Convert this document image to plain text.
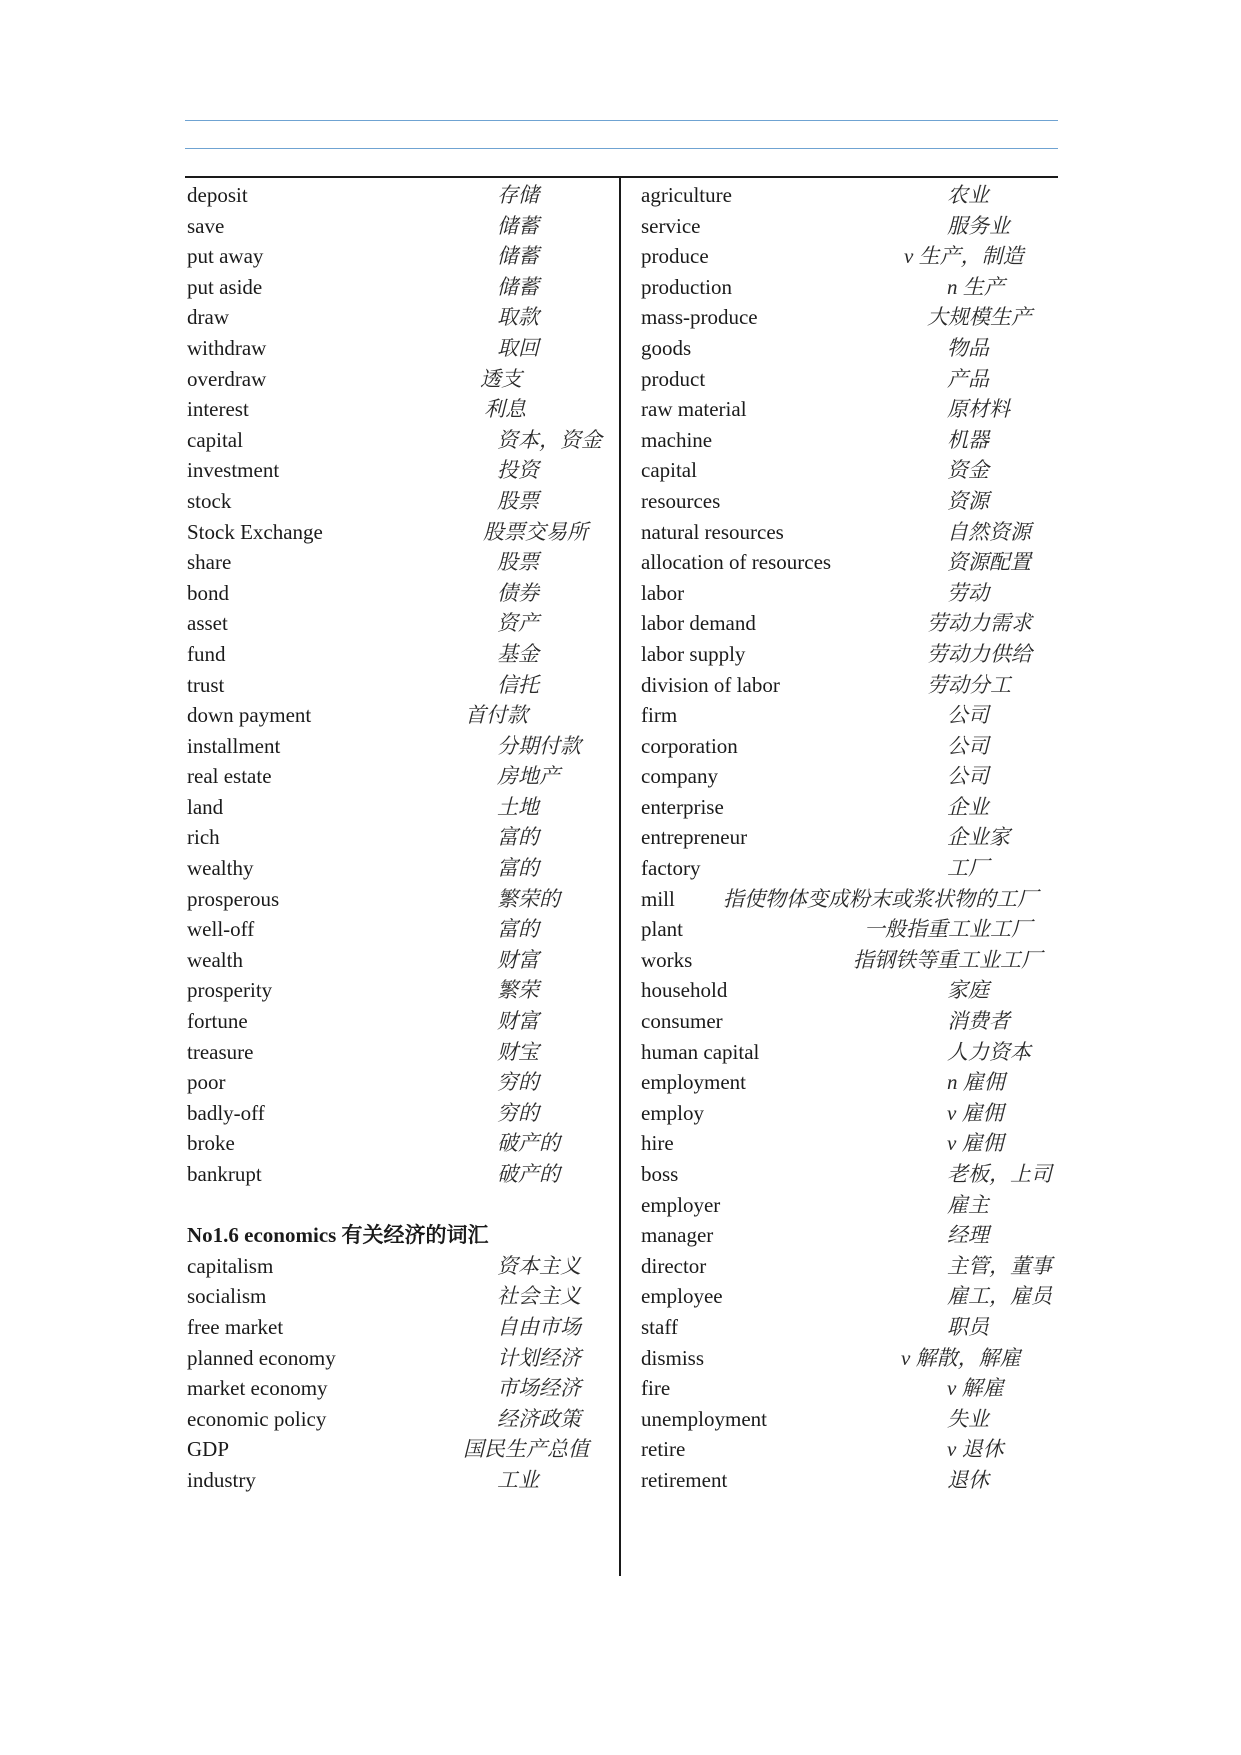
deposit	存储
save	储蓄
put away	储蓄
put aside	储蓄
draw	取款
withdraw	取回
overdraw	透支
interest	利息
capital	资本，资金
investment	投资
stock	股票
Stock Exchange	股票交易所
share	股票
bond	债券
asset	资产
fund	基金
trust	信托
down payment	首付款
installment	分期付款
real estate	房地产
land	土地
rich	富的
wealthy	富的
prosperous	繁荣的
well-off	富的
wealth	财富
prosperity	繁荣
fortune	财富
treasure	财宝
poor	穷的
badly-off	穷的
broke	破产的
bankrupt	破产的
No1.6 economics 有关经济的词汇
capitalism	资本主义
socialism	社会主义
free market	自由市场
planned economy	计划经济
market economy	市场经济
economic policy	经济政策
GDP	国民生产总值
industry	工业
agriculture	农业
service	服务业
produce	v 生产，制造
production	n 生产
mass-produce	大规模生产
goods	物品
product	产品
raw material	原材料
machine	机器
capital	资金
resources	资源
natural resources	自然资源
allocation of resources	资源配置
labor	劳动
labor demand	劳动力需求
labor supply	劳动力供给
division of labor	劳动分工
firm	公司
corporation	公司
company	公司
enterprise	企业
entrepreneur	企业家
factory	工厂
mill 指使物体变成粉末或浆状物的工厂
plant	一般指重工业工厂
works	指钢铁等重工业工厂
household	家庭
consumer	消费者
human capital	人力资本
employment	n 雇佣
employ	v 雇佣
hire	v 雇佣
boss	老板，上司
employer	雇主
manager	经理
director	主管，董事
employee	雇工，雇员
staff	职员
dismiss	v 解散，解雇
fire	v 解雇
unemployment	失业
retire	v 退休
retirement	退休
